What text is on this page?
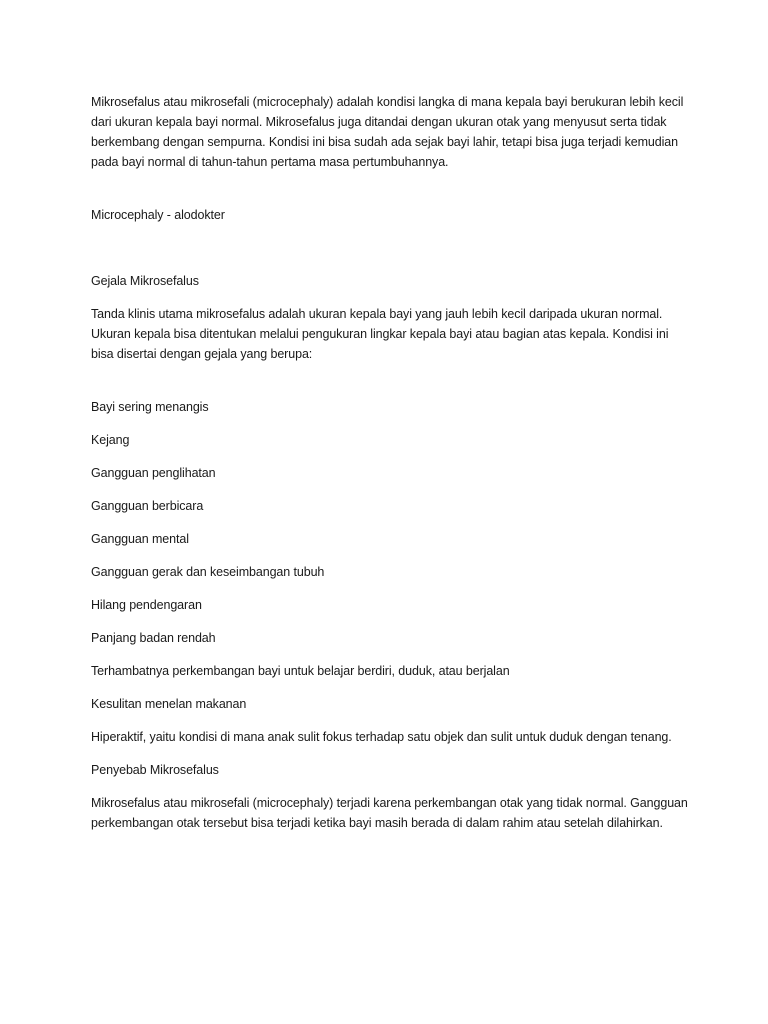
Mikrosefalus atau mikrosefali (microcephaly) adalah kondisi langka di mana kepala bayi berukuran lebih kecil dari ukuran kepala bayi normal. Mikrosefalus juga ditandai dengan ukuran otak yang menyusut serta tidak berkembang dengan sempurna. Kondisi ini bisa sudah ada sejak bayi lahir, tetapi bisa juga terjadi kemudian pada bayi normal di tahun-tahun pertama masa pertumbuhannya.

Microcephaly - alodokter

Gejala Mikrosefalus

Tanda klinis utama mikrosefalus adalah ukuran kepala bayi yang jauh lebih kecil daripada ukuran normal. Ukuran kepala bisa ditentukan melalui pengukuran lingkar kepala bayi atau bagian atas kepala. Kondisi ini bisa disertai dengan gejala yang berupa:

Bayi sering menangis
Kejang
Gangguan penglihatan
Gangguan berbicara
Gangguan mental
Gangguan gerak dan keseimbangan tubuh
Hilang pendengaran
Panjang badan rendah
Terhambatnya perkembangan bayi untuk belajar berdiri, duduk, atau berjalan
Kesulitan menelan makanan
Hiperaktif, yaitu kondisi di mana anak sulit fokus terhadap satu objek dan sulit untuk duduk dengan tenang.
Penyebab Mikrosefalus

Mikrosefalus atau mikrosefali (microcephaly) terjadi karena perkembangan otak yang tidak normal. Gangguan perkembangan otak tersebut bisa terjadi ketika bayi masih berada di dalam rahim atau setelah dilahirkan.
